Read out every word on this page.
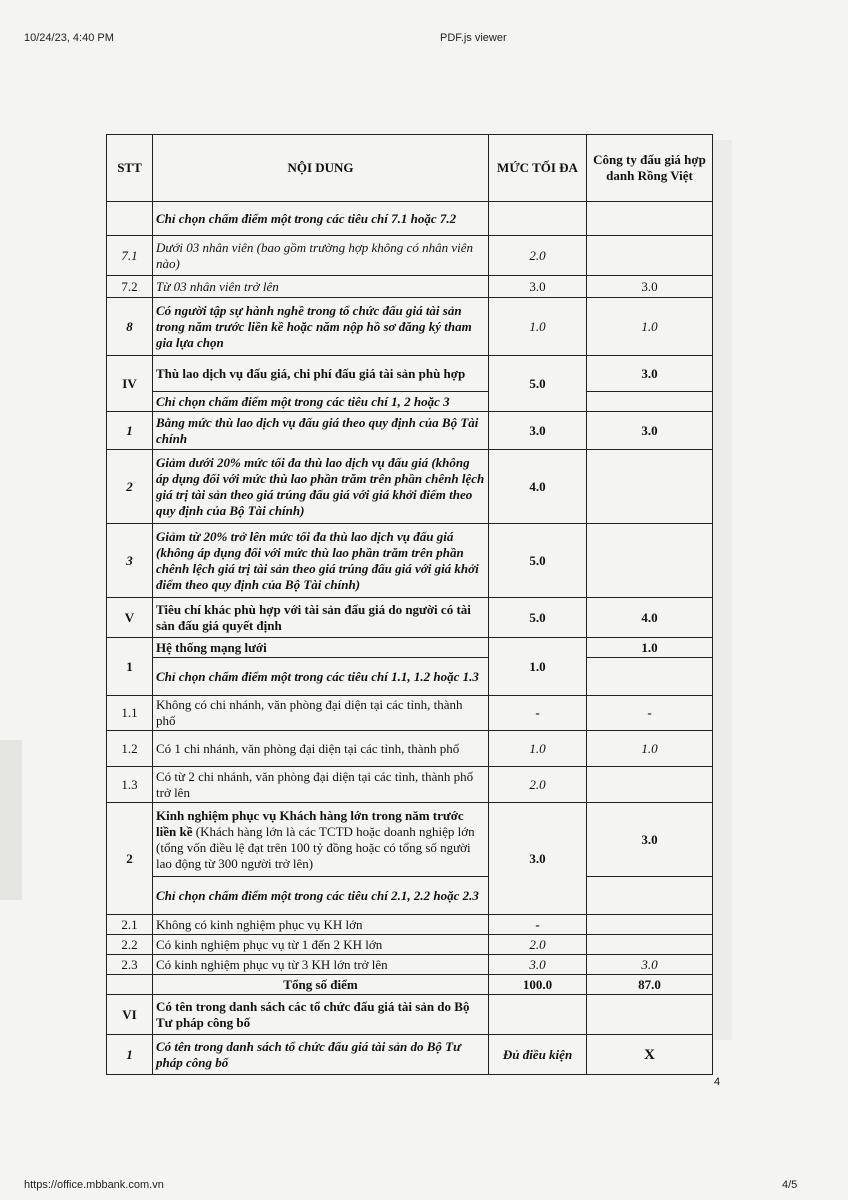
10/24/23, 4:40 PM	PDF.js viewer
STT	NỘI DUNG	MỨC TỐI ĐA	Công ty đấu giá hợp danh Rồng Việt
	Chỉ chọn chấm điểm một trong các tiêu chí 7.1 hoặc 7.2		
7.1	Dưới 03 nhân viên (bao gồm trường hợp không có nhân viên nào)	2.0	
7.2	Từ 03 nhân viên trở lên	3.0	3.0
8	Có người tập sự hành nghề trong tổ chức đấu giá tài sản trong năm trước liền kề hoặc năm nộp hồ sơ đăng ký tham gia lựa chọn	1.0	1.0
IV	Thù lao dịch vụ đấu giá, chi phí đấu giá tài sản phù hợp	5.0	3.0
	Chỉ chọn chấm điểm một trong các tiêu chí 1, 2 hoặc 3		
1	Bằng mức thù lao dịch vụ đấu giá theo quy định của Bộ Tài chính	3.0	3.0
2	Giảm dưới 20% mức tối đa thù lao dịch vụ đấu giá (không áp dụng đối với mức thù lao phần trăm trên phần chênh lệch giá trị tài sản theo giá trúng đấu giá với giá khởi điểm theo quy định của Bộ Tài chính)	4.0	
3	Giảm từ 20% trở lên mức tối đa thù lao dịch vụ đấu giá (không áp dụng đối với mức thù lao phần trăm trên phần chênh lệch giá trị tài sản theo giá trúng đấu giá với giá khởi điểm theo quy định của Bộ Tài chính)	5.0	
V	Tiêu chí khác phù hợp với tài sản đấu giá do người có tài sản đấu giá quyết định	5.0	4.0
1	Hệ thống mạng lưới	1.0	1.0
	Chỉ chọn chấm điểm một trong các tiêu chí 1.1, 1.2 hoặc 1.3		
1.1	Không có chi nhánh, văn phòng đại diện tại các tỉnh, thành phố	-	-
1.2	Có 1 chi nhánh, văn phòng đại diện tại các tỉnh, thành phố	1.0	1.0
1.3	Có từ 2 chi nhánh, văn phòng đại diện tại các tỉnh, thành phố trở lên	2.0	
2	Kinh nghiệm phục vụ Khách hàng lớn trong năm trước liền kề (Khách hàng lớn là các TCTD hoặc doanh nghiệp lớn (tổng vốn điều lệ đạt trên 100 tỷ đồng hoặc có tổng số người lao động từ 300 người trở lên)	3.0	3.0
	Chỉ chọn chấm điểm một trong các tiêu chí 2.1, 2.2 hoặc 2.3		
2.1	Không có kinh nghiệm phục vụ KH lớn	-	
2.2	Có kinh nghiệm phục vụ từ 1 đến 2 KH lớn	2.0	
2.3	Có kinh nghiệm phục vụ từ 3 KH lớn trở lên	3.0	3.0
	Tổng số điểm	100.0	87.0
VI	Có tên trong danh sách các tổ chức đấu giá tài sản do Bộ Tư pháp công bố		
1	Có tên trong danh sách tổ chức đấu giá tài sản do Bộ Tư pháp công bố	Đủ điều kiện	X
4
https://office.mbbank.com.vn	4/5
